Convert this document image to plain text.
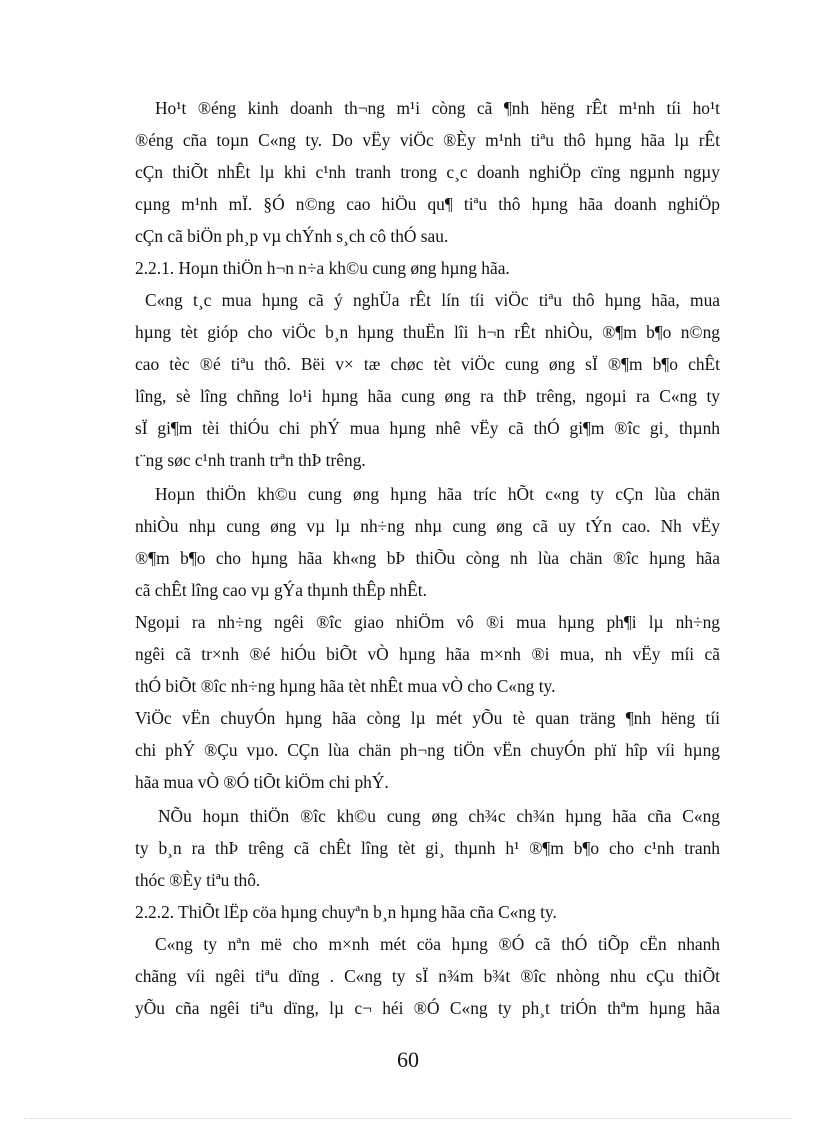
Ho¹t ®éng kinh doanh th¬ng m¹i còng cã ¶nh hëng rÊt m¹nh tíi ho¹t
®éng cña toµn C«ng ty. Do vËy viÖc ®Èy m¹nh tiªu thô hµng hãa lµ rÊt
cÇn thiÕt nhÊt lµ khi c¹nh tranh trong c¸c doanh nghiÖp cïng ngµnh ngµy
cµng m¹nh mÏ. §Ó n©ng cao hiÖu qu¶ tiªu thô hµng hãa doanh nghiÖp
cÇn cã biÖn ph¸p vµ chÝnh s¸ch cô thÓ sau.
2.2.1. Hoµn thiÖn h¬n n÷a kh©u cung øng hµng hãa.
C«ng t¸c mua hµng cã ý nghÜa rÊt lín tíi viÖc tiªu thô hµng hãa, mua
hµng tèt gióp cho viÖc b¸n hµng thuËn lîi h¬n rÊt nhiÒu, ®¶m b¶o n©ng
cao tèc ®é tiªu thô. Bëi v× tæ chøc tèt viÖc cung øng sÏ ®¶m b¶o chÊt
lîng, sè lîng chñng lo¹i hµng hãa cung øng ra thÞ trêng, ngoµi ra C«ng ty
sÏ gi¶m tèi thiÓu chi phÝ mua hµng nhê vËy cã thÓ gi¶m ®îc gi¸ thµnh
t¨ng søc c¹nh tranh trªn thÞ trêng.
Hoµn thiÖn kh©u cung øng hµng hãa tríc hÕt c«ng ty cÇn lùa chän
nhiÒu nhµ cung øng vµ lµ nh÷ng nhµ cung øng cã uy tÝn cao. Nh vËy
®¶m b¶o cho hµng hãa kh«ng bÞ thiÕu còng nh lùa chän ®îc hµng hãa
cã chÊt lîng cao vµ gÝa thµnh thÊp nhÊt.
Ngoµi ra nh÷ng ngêi ®îc giao nhiÖm vô ®i mua hµng ph¶i lµ nh÷ng
ngêi cã tr×nh ®é hiÓu biÕt vÒ hµng hãa m×nh ®i mua, nh vËy míi cã
thÓ biÕt ®îc nh÷ng hµng hãa tèt nhÊt mua vÒ cho C«ng ty.
ViÖc vËn chuyÓn hµng hãa còng lµ mét yÕu tè quan träng ¶nh hëng tíi
chi phÝ ®Çu vµo. CÇn lùa chän ph¬ng tiÖn vËn chuyÓn phï hîp víi hµng
hãa mua vÒ ®Ó tiÕt kiÖm chi phÝ.
NÕu hoµn thiÖn ®îc kh©u cung øng ch¾c ch¾n hµng hãa cña C«ng
ty b¸n ra thÞ trêng cã chÊt lîng tèt gi¸ thµnh h¹ ®¶m b¶o cho c¹nh tranh
thóc ®Èy tiªu thô.
2.2.2. ThiÕt lËp cöa hµng chuyªn b¸n hµng hãa cña C«ng ty.
C«ng ty nªn më cho m×nh mét cöa hµng ®Ó cã thÓ tiÕp cËn nhanh
chãng víi ngêi tiªu dïng . C«ng ty sÏ n¾m b¾t ®îc nhòng nhu cÇu thiÕt
yÕu cña ngêi tiªu dïng, lµ c¬ héi ®Ó C«ng ty ph¸t triÓn thªm hµng hãa
60
